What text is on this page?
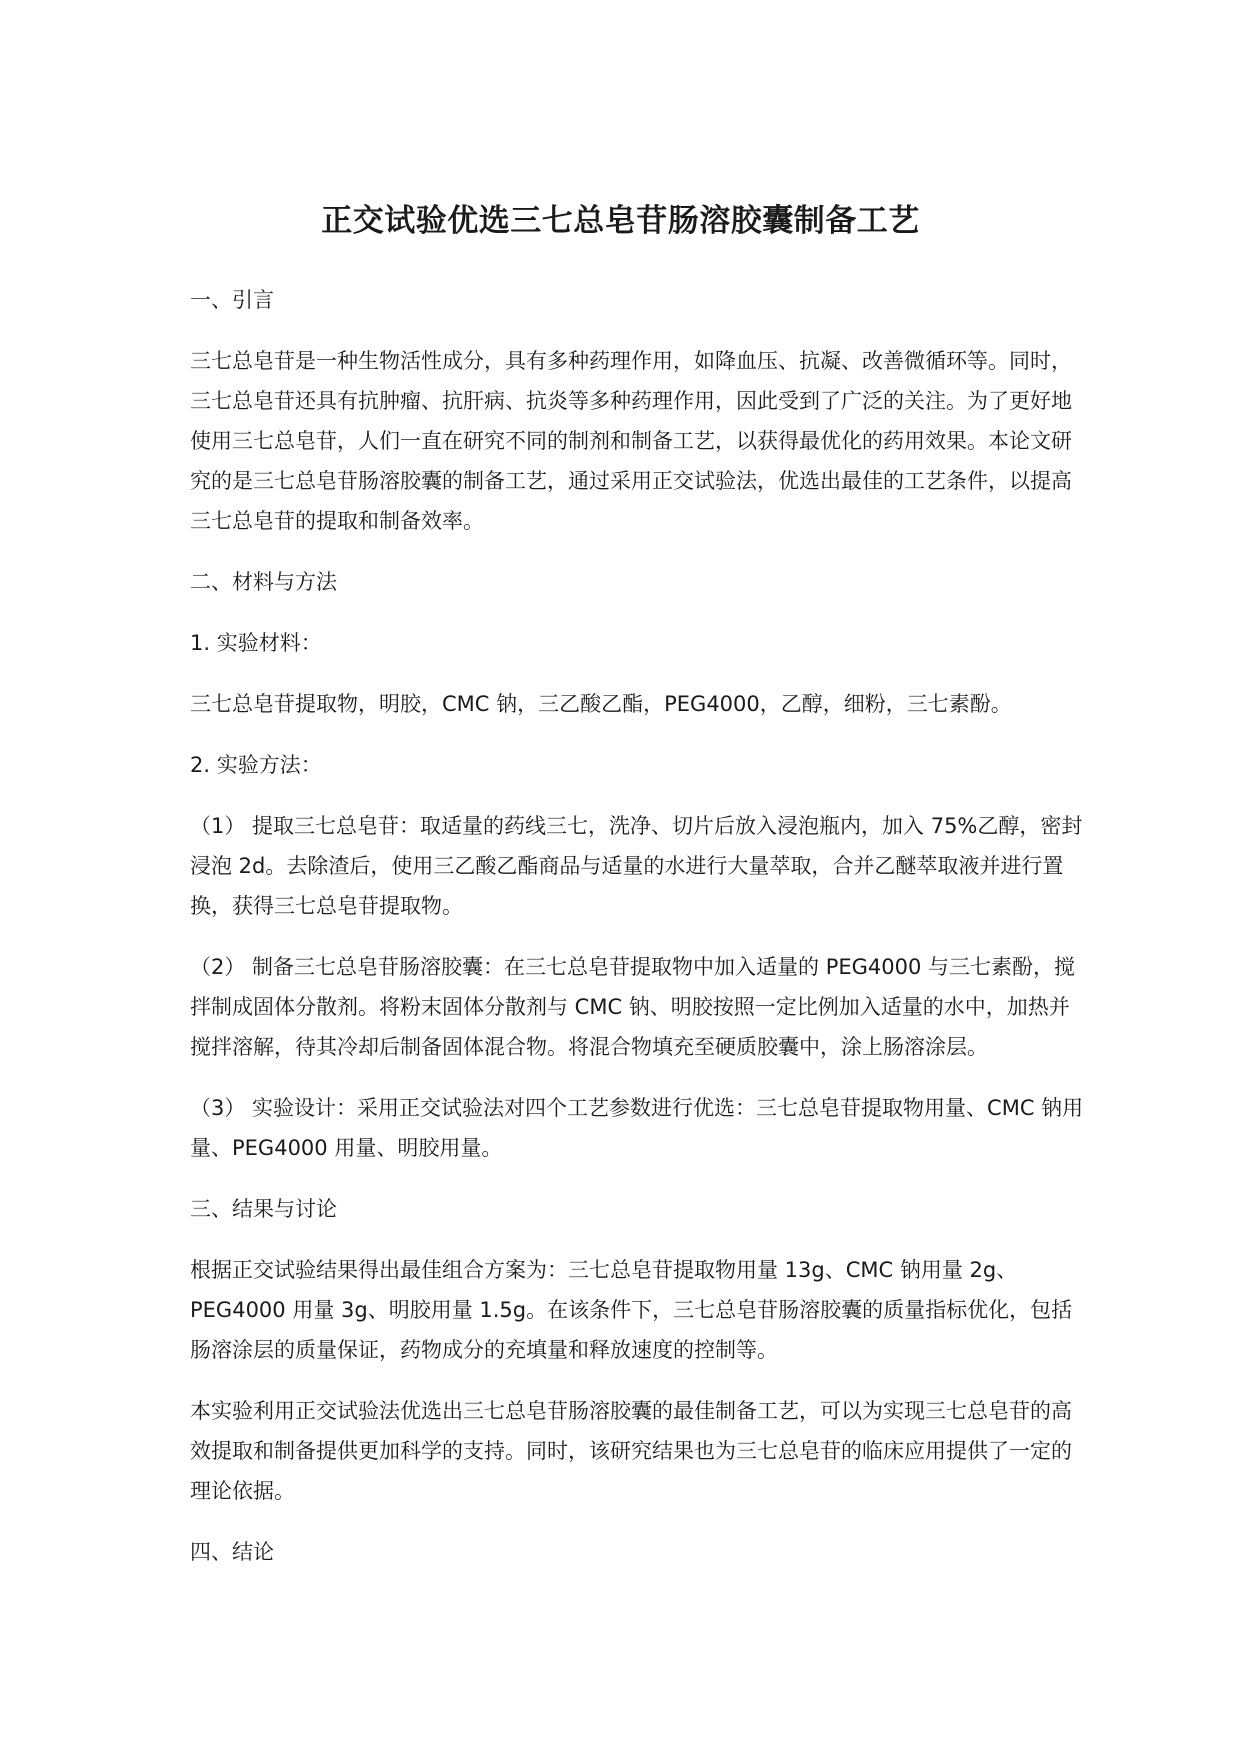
正交试验优选三七总皂苷肠溶胶囊制备工艺

一、引言

三七总皂苷是一种生物活性成分，具有多种药理作用，如降血压、抗凝、改善微循环等。同时，三七总皂苷还具有抗肿瘤、抗肝病、抗炎等多种药理作用，因此受到了广泛的关注。为了更好地使用三七总皂苷，人们一直在研究不同的制剂和制备工艺，以获得最优化的药用效果。本论文研究的是三七总皂苷肠溶胶囊的制备工艺，通过采用正交试验法，优选出最佳的工艺条件，以提高三七总皂苷的提取和制备效率。

二、材料与方法

1. 实验材料：

三七总皂苷提取物，明胶，CMC 钠，三乙酸乙酯，PEG4000，乙醇，细粉，三七素酚。

2. 实验方法：

（1） 提取三七总皂苷：取适量的药线三七，洗净、切片后放入浸泡瓶内，加入 75%乙醇，密封浸泡 2d。去除渣后，使用三乙酸乙酯商品与适量的水进行大量萃取，合并乙醚萃取液并进行置换，获得三七总皂苷提取物。

（2） 制备三七总皂苷肠溶胶囊：在三七总皂苷提取物中加入适量的 PEG4000 与三七素酚，搅拌制成固体分散剂。将粉末固体分散剂与 CMC 钠、明胶按照一定比例加入适量的水中，加热并搅拌溶解，待其冷却后制备固体混合物。将混合物填充至硬质胶囊中，涂上肠溶涂层。

（3） 实验设计：采用正交试验法对四个工艺参数进行优选：三七总皂苷提取物用量、CMC 钠用量、PEG4000 用量、明胶用量。

三、结果与讨论

根据正交试验结果得出最佳组合方案为：三七总皂苷提取物用量 13g、CMC 钠用量 2g、PEG4000 用量 3g、明胶用量 1.5g。在该条件下，三七总皂苷肠溶胶囊的质量指标优化，包括肠溶涂层的质量保证，药物成分的充填量和释放速度的控制等。

本实验利用正交试验法优选出三七总皂苷肠溶胶囊的最佳制备工艺，可以为实现三七总皂苷的高效提取和制备提供更加科学的支持。同时，该研究结果也为三七总皂苷的临床应用提供了一定的理论依据。

四、结论
